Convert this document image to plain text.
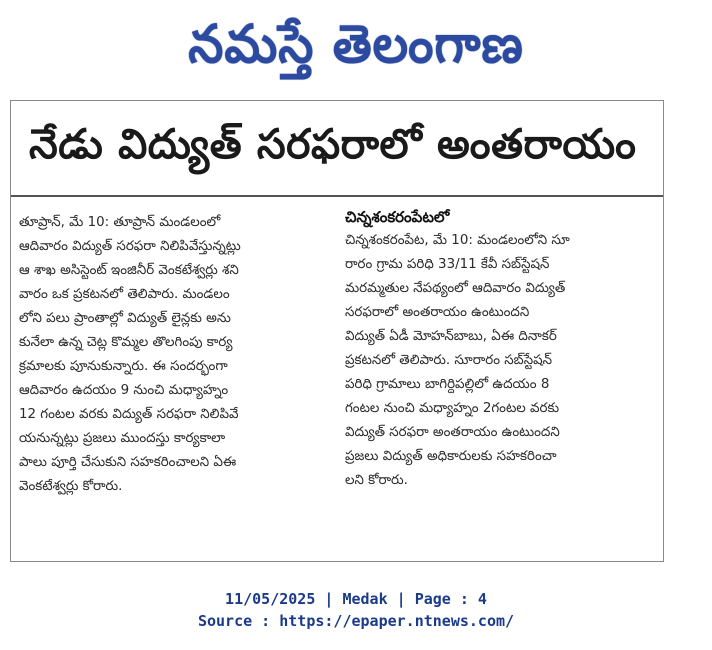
నమస్తే తెలంగాణ
నేడు విద్యుత్ సరఫరాలో అంతరాయం
తూప్రాన్, మే 10: తూప్రాన్ మండలంలో
ఆదివారం విద్యుత్ సరఫరా నిలిపివేస్తున్నట్లు
ఆ శాఖ అసిస్టెంట్ ఇంజినీర్ వెంకటేశ్వర్లు శని
వారం ఒక ప్రకటనలో తెలిపారు. మండలం
లోని పలు ప్రాంతాల్లో విద్యుత్ లైన్లకు అను
కునేలా ఉన్న చెట్ల కొమ్మల తొలగింపు కార్య
క్రమాలకు పూనుకున్నారు. ఈ సందర్భంగా
ఆదివారం ఉదయం 9 నుంచి మధ్యాహ్నం
12 గంటల వరకు విద్యుత్ సరఫరా నిలిపివే
యనున్నట్లు ప్రజలు ముందస్తు కార్యకాలా
పాలు పూర్తి చేసుకుని సహకరించాలని ఏఈ
వెంకటేశ్వర్లు కోరారు.
చిన్నశంకరంపేటలో
చిన్నశంకరంపేట, మే 10: మండలంలోని సూ
రారం గ్రామ పరిధి 33/11 కేవీ సబ్‌స్టేషన్
మరమ్మతుల నేపథ్యంలో ఆదివారం విద్యుత్
సరఫరాలో అంతరాయం ఉంటుందని
విద్యుత్ ఏడీ మోహన్‌బాబు, ఏఈ దినాకర్
ప్రకటనలో తెలిపారు. సూరారం సబ్‌స్టేషన్
పరిధి గ్రామాలు బాగిర్దిపల్లిలో ఉదయం 8
గంటల నుంచి మధ్యాహ్నం 2గంటల వరకు
విద్యుత్ సరఫరా అంతరాయం ఉంటుందని
ప్రజలు విద్యుత్ అధికారులకు సహకరించా
లని కోరారు.
11/05/2025 | Medak | Page : 4
Source : https://epaper.ntnews.com/
